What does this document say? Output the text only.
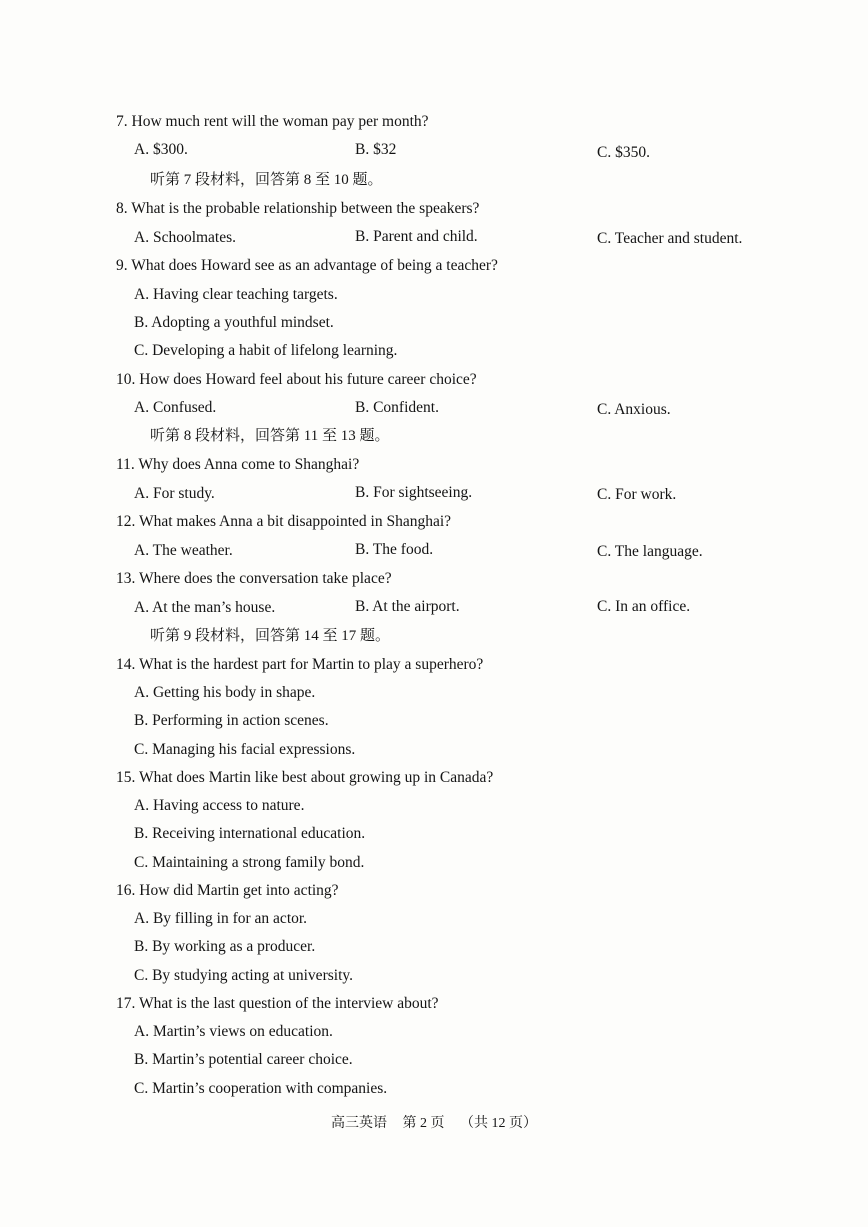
7. How much rent will the woman pay per month?
A. $300.	B. $32	C. $350.
听第 7 段材料，回答第 8 至 10 题。
8. What is the probable relationship between the speakers?
A. Schoolmates.	B. Parent and child.	C. Teacher and student.
9. What does Howard see as an advantage of being a teacher?
A. Having clear teaching targets.
B. Adopting a youthful mindset.
C. Developing a habit of lifelong learning.
10. How does Howard feel about his future career choice?
A. Confused.	B. Confident.	C. Anxious.
听第 8 段材料，回答第 11 至 13 题。
11. Why does Anna come to Shanghai?
A. For study.	B. For sightseeing.	C. For work.
12. What makes Anna a bit disappointed in Shanghai?
A. The weather.	B. The food.	C. The language.
13. Where does the conversation take place?
A. At the man’s house.	B. At the airport.	C. In an office.
听第 9 段材料，回答第 14 至 17 题。
14. What is the hardest part for Martin to play a superhero?
A. Getting his body in shape.
B. Performing in action scenes.
C. Managing his facial expressions.
15. What does Martin like best about growing up in Canada?
A. Having access to nature.
B. Receiving international education.
C. Maintaining a strong family bond.
16. How did Martin get into acting?
A. By filling in for an actor.
B. By working as a producer.
C. By studying acting at university.
17. What is the last question of the interview about?
A. Martin’s views on education.
B. Martin’s potential career choice.
C. Martin’s cooperation with companies.
高三英语 第 2 页 （共 12 页）
